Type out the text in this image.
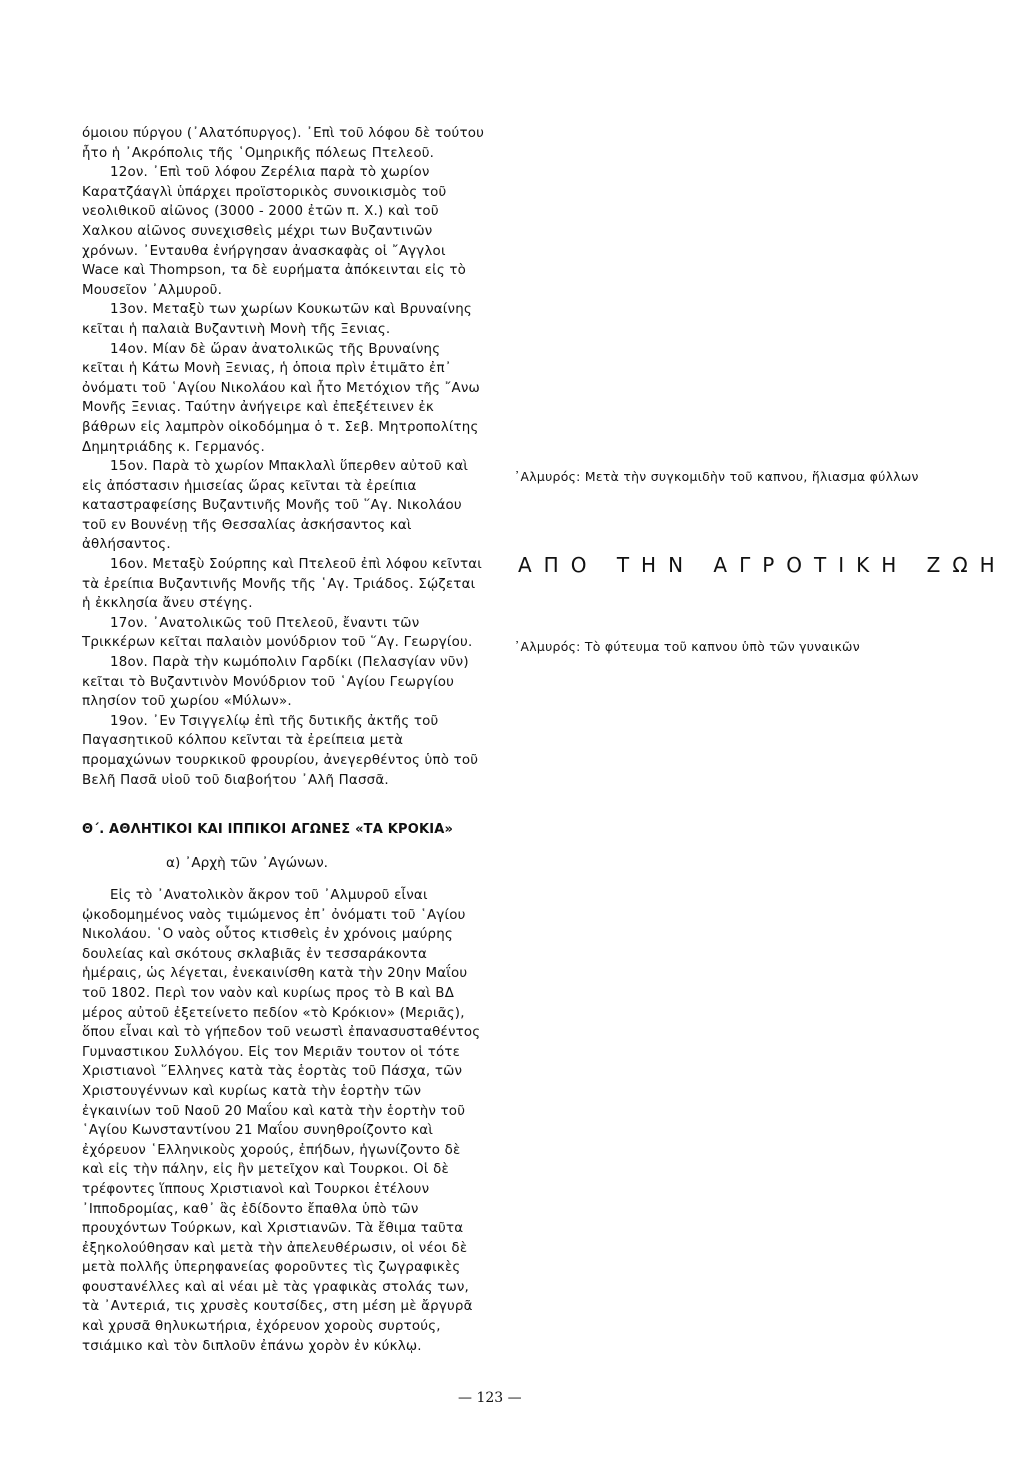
όμοιου πύργου (᾿Αλατόπυργος). ᾿Επὶ τοῦ λόφου δὲ τούτου ἦτο ἡ ᾿Ακρόπολις τῆς ῾Ομηρικῆς πόλεως Πτελεοῦ.

12ον. ᾿Επὶ τοῦ λόφου Ζερέλια παρὰ τὸ χωρίον Καρατζάαγλὶ ὑπάρχει προϊστορικὸς συνοικισμὸς τοῦ νεολιθικοῦ αἰῶνος (3000 - 2000 ἐτῶν π. Χ.) καὶ τοῦ Χαλκου αἰῶνος συνεχισθεὶς μέχρι των Βυζαντινῶν χρόνων. ᾿Ενταυθα ἐνήργησαν ἀνασκαφὰς οἱ ῎Αγγλοι Wace καὶ Thompson, τα δὲ ευρήματα ἀπόκεινται εἰς τὸ Μουσεῖον ᾿Αλμυροῦ.

13ον. Μεταξὺ των χωρίων Κουκωτῶν καὶ Βρυναίνης κεῖται ἡ παλαιὰ Βυζαντινὴ Μονὴ τῆς Ξενιας.

14ον. Μίαν δὲ ὥραν ἀνατολικῶς τῆς Βρυναίνης κεῖται ἡ Κάτω Μονὴ Ξενιας, ἡ ὁποια πρὶν ἐτιμᾶτο ἐπ᾿ ὀνόματι τοῦ ῾Αγίου Νικολάου καὶ ἦτο Μετόχιον τῆς ῎Ανω Μονῆς Ξενιας. Ταύτην ἀνήγειρε καὶ ἐπεξέτεινεν ἐκ βάθρων εἰς λαμπρὸν οἰκοδόμημα ὁ τ. Σεβ. Μητροπολίτης Δημητριάδης κ. Γερμανός.

15ον. Παρὰ τὸ χωρίον Μπακλαλὶ ὕπερθεν αὐτοῦ καὶ εἰς ἀπόστασιν ἡμισείας ὥρας κεῖνται τὰ ἐρείπια καταστραφείσης Βυζαντινῆς Μονῆς τοῦ ῞Αγ. Νικολάου τοῦ εν Βουνένῃ τῆς Θεσσαλίας ἀσκήσαντος καὶ ἀθλήσαντος.

16ον. Μεταξὺ Σούρπης καὶ Πτελεοῦ ἐπὶ λόφου κεῖνται τὰ ἐρείπια Βυζαντινῆς Μονῆς τῆς ῾Αγ. Τριάδος. Σῴζεται ἡ ἐκκλησία ἄνευ στέγης.

17ον. ᾿Ανατολικῶς τοῦ Πτελεοῦ, ἔναντι τῶν Τρικκέρων κεῖται παλαιὸν μονύδριον τοῦ ῞Αγ. Γεωργίου.

18ον. Παρὰ τὴν κωμόπολιν Γαρδίκι (Πελασγίαν νῦν) κεῖται τὸ Βυζαντινὸν Μονύδριον τοῦ ῾Αγίου Γεωργίου πλησίον τοῦ χωρίου «Μύλων».

19ον. ᾿Εν Τσιγγελίῳ ἐπὶ τῆς δυτικῆς ἀκτῆς τοῦ Παγασητικοῦ κόλπου κεῖνται τὰ ἐρείπεια μετὰ προμαχώνων τουρκικοῦ φρουρίου, ἀνεγερθέντος ὑπὸ τοῦ Βελῆ Πασᾶ υἱοῦ τοῦ διαβοήτου ᾿Αλῆ Πασσᾶ.

᾿Αλμυρός: Μετὰ τὴν συγκομιδὴν τοῦ καπνου, ἥλιασμα φύλλων
ΑΠΟ ΤΗΝ ΑΓΡΟΤΙΚΗ ΖΩΗ
᾿Αλμυρός: Τὸ φύτευμα τοῦ καπνου ὑπὸ τῶν γυναικῶν
Θ΄. ΑΘΛΗΤΙΚΟΙ ΚΑΙ ΙΠΠΙΚΟΙ ΑΓΩΝΕΣ «ΤΑ ΚΡΟΚΙΑ»
α) ᾿Αρχὴ τῶν ᾿Αγώνων.

Εἰς τὸ ᾿Ανατολικὸν ἄκρον τοῦ ᾿Αλμυροῦ εἶναι ᾠκοδομημένος ναὸς τιμώμενος ἐπ᾿ ὀνόματι τοῦ ῾Αγίου Νικολάου. ῾Ο ναὸς οὗτος κτισθεὶς ἐν χρόνοις μαύρης δουλείας καὶ σκότους σκλαβιᾶς ἐν τεσσαράκοντα ἡμέραις, ὡς λέγεται, ἐνεκαινίσθη κατὰ τὴν 20ην Μαΐου τοῦ 1802. Περὶ τον ναὸν καὶ κυρίως προς τὸ Β καὶ ΒΔ μέρος αὐτοῦ ἐξετείνετο πεδίον «τὸ Κρόκιον» (Μεριᾶς), ὅπου εἶναι καὶ τὸ γήπεδον τοῦ νεωστὶ ἐπανασυσταθέντος Γυμναστικου Συλλόγου. Εἰς τον Μεριᾶν τουτον οἱ τότε Χριστιανοὶ ῞Ελληνες κατὰ τὰς ἑορτὰς τοῦ Πάσχα, τῶν Χριστουγέννων καὶ κυρίως κατὰ τὴν ἑορτὴν τῶν ἐγκαινίων τοῦ Ναοῦ 20 Μαΐου καὶ κατὰ τὴν ἑορτὴν τοῦ ῾Αγίου Κωνσταντίνου 21 Μαΐου συνηθροίζοντο καὶ ἐχόρευον ῾Ελληνικοὺς χορούς, ἐπήδων, ἠγωνίζοντο δὲ καὶ εἰς τὴν πάλην, εἰς ἣν μετεῖχον καὶ Τουρκοι. Οἱ δὲ τρέφοντες ἵππους Χριστιανοὶ καὶ Τουρκοι ἐτέλουν ᾿Ιπποδρομίας, καθ᾿ ἃς ἐδίδοντο ἔπαθλα ὑπὸ τῶν προυχόντων Τούρκων, καὶ Χριστιανῶν. Τὰ ἔθιμα ταῦτα ἐξηκολούθησαν καὶ μετὰ τὴν ἀπελευθέρωσιν, οἱ νέοι δὲ μετὰ πολλῆς ὑπερηφανείας φοροῦντες τὶς ζωγραφικὲς φουστανέλλες καὶ αἱ νέαι μὲ τὰς γραφικὰς στολάς των, τὰ ᾿Αντεριά, τις χρυσὲς κουτσίδες, στη μέση μὲ ἄργυρᾶ καὶ χρυσᾶ θηλυκωτήρια, ἐχόρευον χοροὺς συρτούς, τσιάμικο καὶ τὸν διπλοῦν ἐπάνω χορὸν ἐν κύκλῳ.

— 123 —
